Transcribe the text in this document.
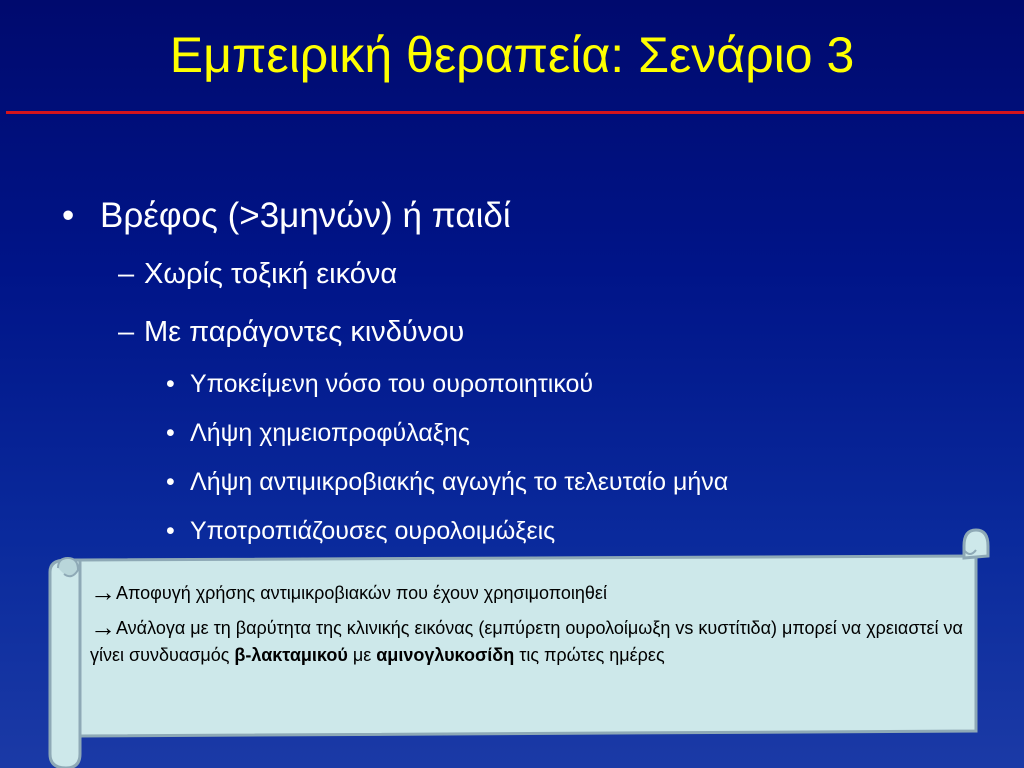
Εμπειρική θεραπεία: Σενάριο 3
• Βρέφος (>3μηνών) ή παιδί
– Χωρίς τοξική εικόνα
– Με παράγοντες κινδύνου
• Υποκείμενη νόσο του ουροποιητικού
• Λήψη χημειοπροφύλαξης
• Λήψη αντιμικροβιακής αγωγής το τελευταίο μήνα
• Υποτροπιάζουσες ουρολοιμώξεις

→Αποφυγή χρήσης αντιμικροβιακών που έχουν χρησιμοποιηθεί

→Ανάλογα με τη βαρύτητα της κλινικής εικόνας (εμπύρετη ουρολοίμωξη vs κυστίτιδα) μπορεί να χρειαστεί να γίνει συνδυασμός β-λακταμικού με αμινογλυκοσίδη τις πρώτες ημέρες
